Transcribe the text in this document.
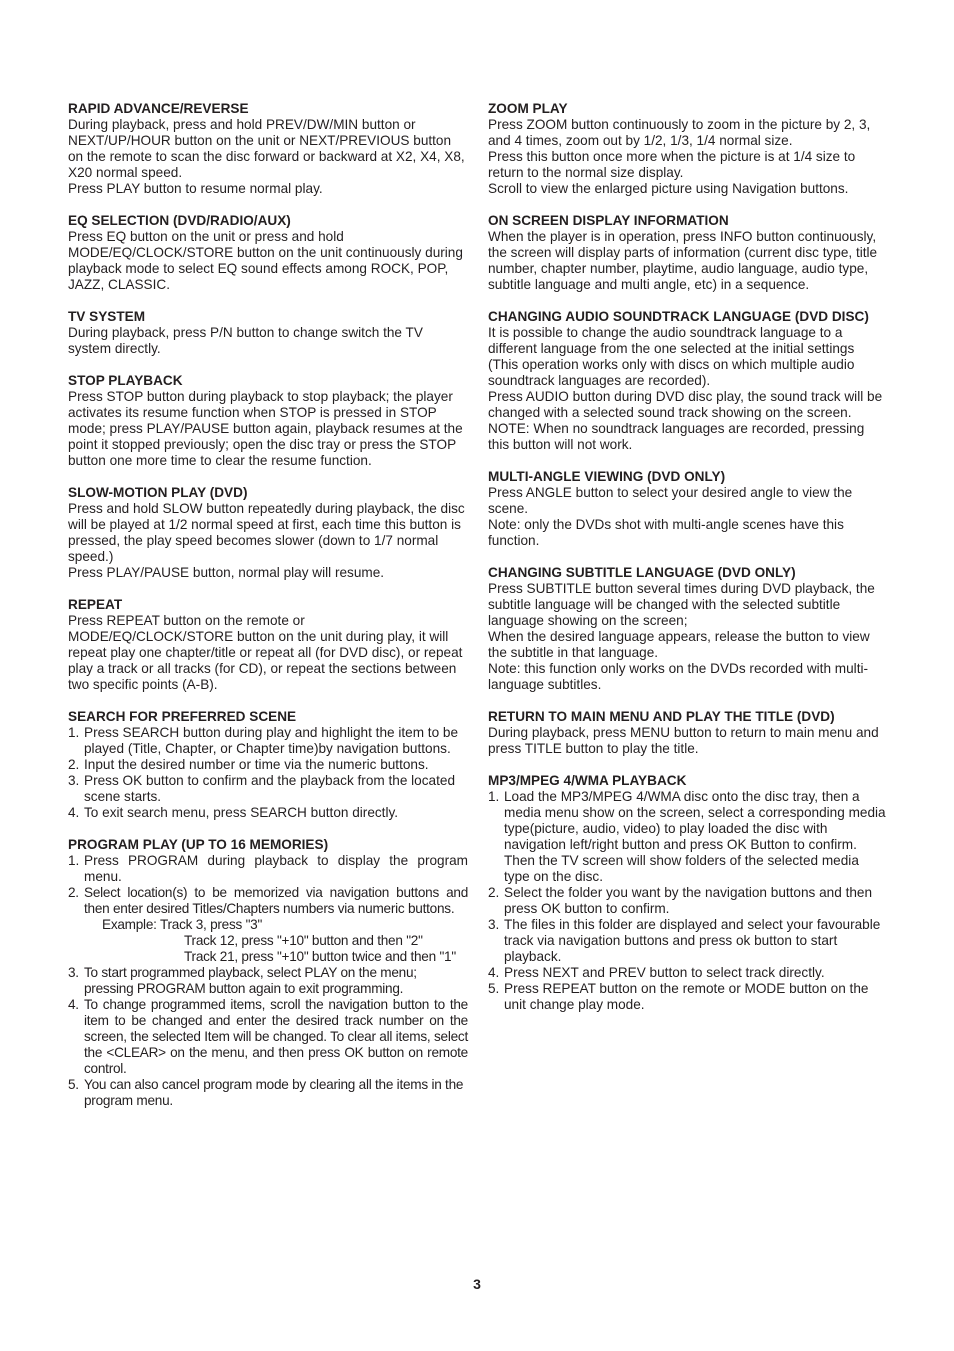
RAPID ADVANCE/REVERSE
During playback, press and hold PREV/DW/MIN button or NEXT/UP/HOUR button on the unit or NEXT/PREVIOUS button on the remote to scan the disc forward or backward at X2, X4, X8, X20 normal speed.
Press PLAY button to resume normal play.
EQ SELECTION (DVD/RADIO/AUX)
Press EQ button on the unit or press and hold MODE/EQ/CLOCK/STORE button on the unit continuously during playback mode to select EQ sound effects among ROCK, POP, JAZZ, CLASSIC.
TV SYSTEM
During playback, press P/N button to change switch the TV system directly.
STOP PLAYBACK
Press STOP button during playback to stop playback; the player activates its resume function when STOP is pressed in STOP mode; press PLAY/PAUSE button again, playback resumes at the point it stopped previously; open the disc tray or press the STOP button one more time to clear the resume function.
SLOW-MOTION PLAY (DVD)
Press and hold SLOW button repeatedly during playback, the disc will be played at 1/2 normal speed at first, each time this button is pressed, the play speed becomes slower (down to 1/7 normal speed.)
Press PLAY/PAUSE button, normal play will resume.
REPEAT
Press REPEAT button on the remote or MODE/EQ/CLOCK/STORE button on the unit during play, it will repeat play one chapter/title or repeat all (for DVD disc), or repeat play a track or all tracks (for CD), or repeat the sections between two specific points (A-B).
SEARCH FOR PREFERRED SCENE
1. Press SEARCH button during play and highlight the item to be played (Title, Chapter, or Chapter time)by navigation buttons.
2. Input the desired number or time via the numeric buttons.
3. Press OK button to confirm and the playback from the located scene starts.
4. To exit search menu, press SEARCH button directly.
PROGRAM PLAY (UP TO 16 MEMORIES)
1. Press PROGRAM during playback to display the program menu.
2. Select location(s) to be memorized via navigation buttons and then enter desired Titles/Chapters numbers via numeric buttons.
Example: Track 3, press "3"
Track 12, press "+10" button and then "2"
Track 21, press "+10" button twice and then "1"
3. To start programmed playback, select PLAY on the menu; pressing PROGRAM button again to exit programming.
4. To change programmed items, scroll the navigation button to the item to be changed and enter the desired track number on the screen, the selected Item will be changed. To clear all items, select the <CLEAR> on the menu, and then press OK button on remote control.
5. You can also cancel program mode by clearing all the items in the program menu.
ZOOM PLAY
Press ZOOM button continuously to zoom in the picture by 2, 3, and 4 times, zoom out by 1/2, 1/3, 1/4 normal size.
Press this button once more when the picture is at 1/4 size to return to the normal size display.
Scroll to view the enlarged picture using Navigation buttons.
ON SCREEN DISPLAY INFORMATION
When the player is in operation, press INFO button continuously, the screen will display parts of information (current disc type, title number, chapter number, playtime, audio language, audio type, subtitle language and multi angle, etc) in a sequence.
CHANGING AUDIO SOUNDTRACK LANGUAGE (DVD DISC)
It is possible to change the audio soundtrack language to a different language from the one selected at the initial settings (This operation works only with discs on which multiple audio soundtrack languages are recorded).
Press AUDIO button during DVD disc play, the sound track will be changed with a selected sound track showing on the screen.
NOTE: When no soundtrack languages are recorded, pressing this button will not work.
MULTI-ANGLE VIEWING (DVD ONLY)
Press ANGLE button to select your desired angle to view the scene.
Note: only the DVDs shot with multi-angle scenes have this function.
CHANGING SUBTITLE LANGUAGE (DVD ONLY)
Press SUBTITLE button several times during DVD playback, the subtitle language will be changed with the selected subtitle language showing on the screen;
When the desired language appears, release the button to view the subtitle in that language.
Note: this function only works on the DVDs recorded with multi-language subtitles.
RETURN TO MAIN MENU AND PLAY THE TITLE (DVD)
During playback, press MENU button to return to main menu and press TITLE button to play the title.
MP3/MPEG 4/WMA PLAYBACK
1. Load the MP3/MPEG 4/WMA disc onto the disc tray, then a media menu show on the screen, select a corresponding media type(picture, audio, video) to play loaded the disc with navigation left/right button and press OK Button to confirm. Then the TV screen will show folders of the selected media type on the disc.
2. Select the folder you want by the navigation buttons and then press OK button to confirm.
3. The files in this folder are displayed and select your favourable track via navigation buttons and press ok button to start playback.
4. Press NEXT and PREV button to select track directly.
5. Press REPEAT button on the remote or MODE button on the unit change play mode.
3
